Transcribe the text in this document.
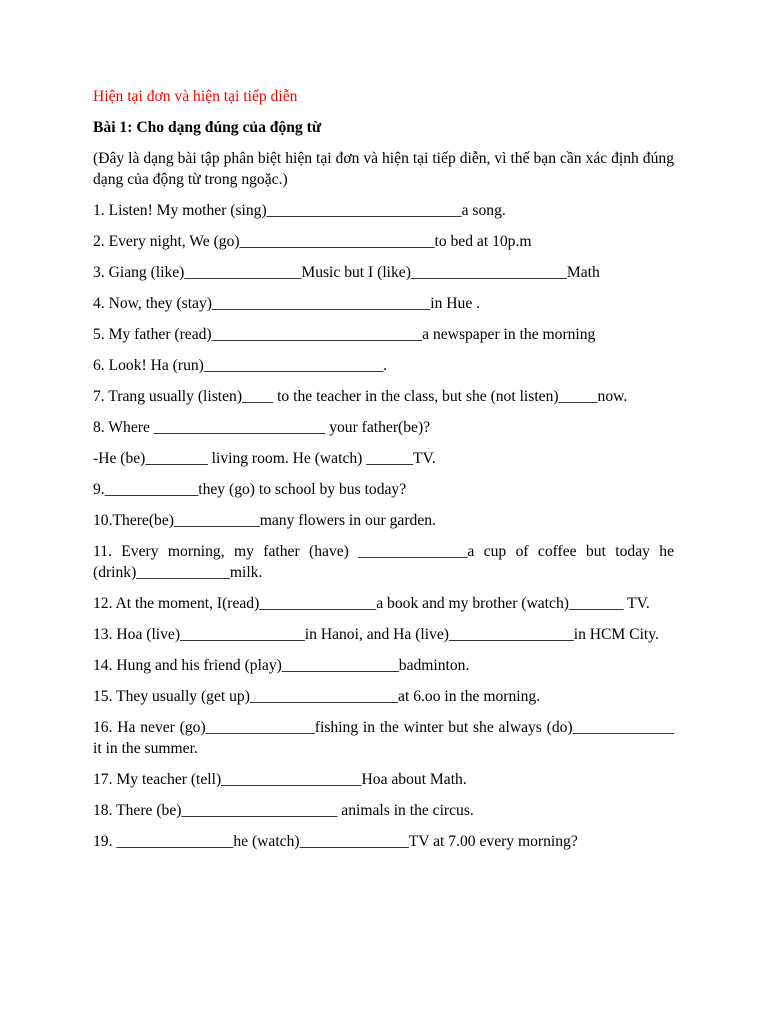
Hiện tại đơn và hiện tại tiếp diễn

Bài 1: Cho dạng đúng của động từ

(Đây là dạng bài tập phân biệt hiện tại đơn và hiện tại tiếp diễn, vì thế bạn cần xác định đúng dạng của động từ trong ngoặc.)

1. Listen! My mother (sing)_________________________a song.

2. Every night, We (go)_________________________to bed at 10p.m

3. Giang (like)_______________Music but I (like)____________________Math

4. Now, they (stay)____________________________in Hue .

5. My father (read)___________________________a newspaper in the morning

6. Look! Ha (run)_______________________.

7. Trang usually (listen)____ to the teacher in the class, but she (not listen)_____now.

8. Where ______________________ your father(be)?

-He (be)________ living room. He (watch) ______TV.

9.____________they (go) to school by bus today?

10.There(be)___________many flowers in our garden.

11. Every morning, my father (have) ______________a cup of coffee but today he (drink)____________milk.

12. At the moment, I(read)_______________a book and my brother (watch)_______ TV.

13. Hoa (live)________________in Hanoi, and Ha (live)________________in HCM City.

14. Hung and his friend (play)_______________badminton.

15. They usually (get up)___________________at 6.oo in the morning.

16. Ha never (go)______________fishing in the winter but she always (do)_____________ it in the summer.

17. My teacher (tell)__________________Hoa about Math.

18. There (be)____________________ animals in the circus.

19. _______________he (watch)______________TV at 7.00 every morning?
